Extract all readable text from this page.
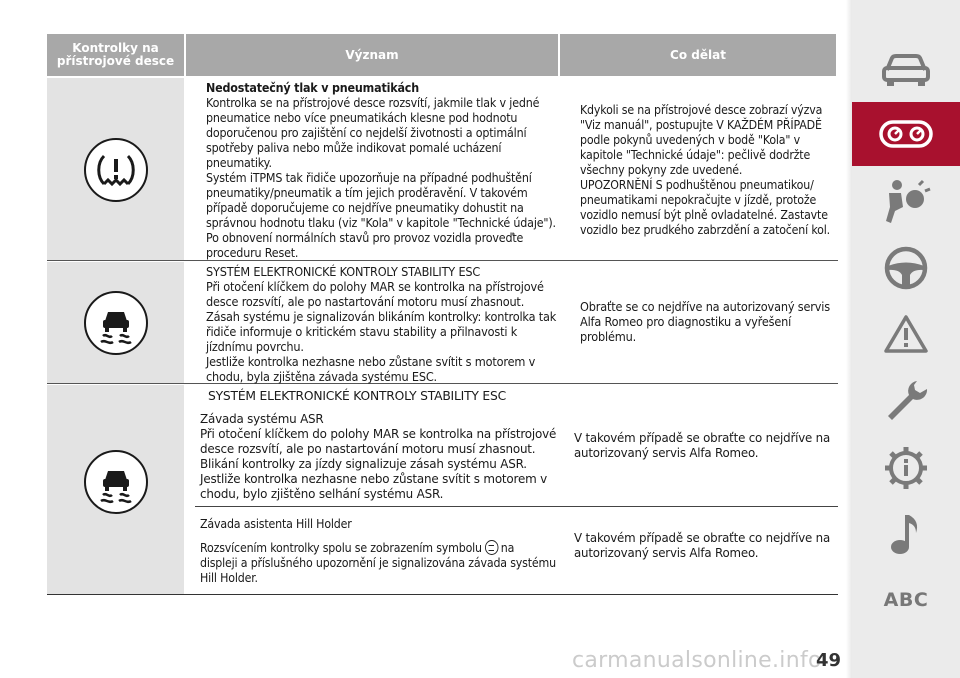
Kontrolky na přístrojové desce	Význam	Co dělat

Nedostatečný tlak v pneumatikách

Kontrolka se na přístrojové desce rozsvítí, jakmile tlak v jedné

pneumatice nebo více pneumatikách klesne pod hodnotu

doporučenou pro zajištění co nejdelší životnosti a optimální

spotřeby paliva nebo může indikovat pomalé ucházení

pneumatiky.

Systém iTPMS tak řidiče upozorňuje na případné podhuštění

pneumatiky/pneumatik a tím jejich proděravění. V takovém

případě doporučujeme co nejdříve pneumatiky dohustit na

správnou hodnotu tlaku (viz "Kola" v kapitole "Technické údaje").

Po obnovení normálních stavů pro provoz vozidla proveďte

proceduru Reset.

Kdykoli se na přístrojové desce zobrazí výzva

"Viz manuál", postupujte V KAŽDÉM PŘÍPADĚ

podle pokynů uvedených v bodě "Kola" v

kapitole "Technické údaje": pečlivě dodržte

všechny pokyny zde uvedené.

UPOZORNĚNÍ S podhuštěnou pneumatikou/

pneumatikami nepokračujte v jízdě, protože

vozidlo nemusí být plně ovladatelné. Zastavte

vozidlo bez prudkého zabrzdění a zatočení kol.

SYSTÉM ELEKTRONICKÉ KONTROLY STABILITY ESC

Při otočení klíčkem do polohy MAR se kontrolka na přístrojové

desce rozsvítí, ale po nastartování motoru musí zhasnout.

Zásah systému je signalizován blikáním kontrolky: kontrolka tak

řidiče informuje o kritickém stavu stability a přilnavosti k

jízdnímu povrchu.

Jestliže kontrolka nezhasne nebo zůstane svítit s motorem v

chodu, byla zjištěna závada systému ESC.

Obraťte se co nejdříve na autorizovaný servis

Alfa Romeo pro diagnostiku a vyřešení

problému.

SYSTÉM ELEKTRONICKÉ KONTROLY STABILITY ESC

Závada systému ASR

Při otočení klíčkem do polohy MAR se kontrolka na přístrojové

desce rozsvítí, ale po nastartování motoru musí zhasnout.

Blikání kontrolky za jízdy signalizuje zásah systému ASR.

Jestliže kontrolka nezhasne nebo zůstane svítit s motorem v

chodu, bylo zjištěno selhání systému ASR.

V takovém případě se obraťte co nejdříve na

autorizovaný servis Alfa Romeo.

Závada asistenta Hill Holder

Rozsvícením kontrolky spolu se zobrazením symbolu na

displeji a příslušného upozornění je signalizována závada systému

Hill Holder.

V takovém případě se obraťte co nejdříve na

autorizovaný servis Alfa Romeo.

ABC
carmanualsonline.info
49
